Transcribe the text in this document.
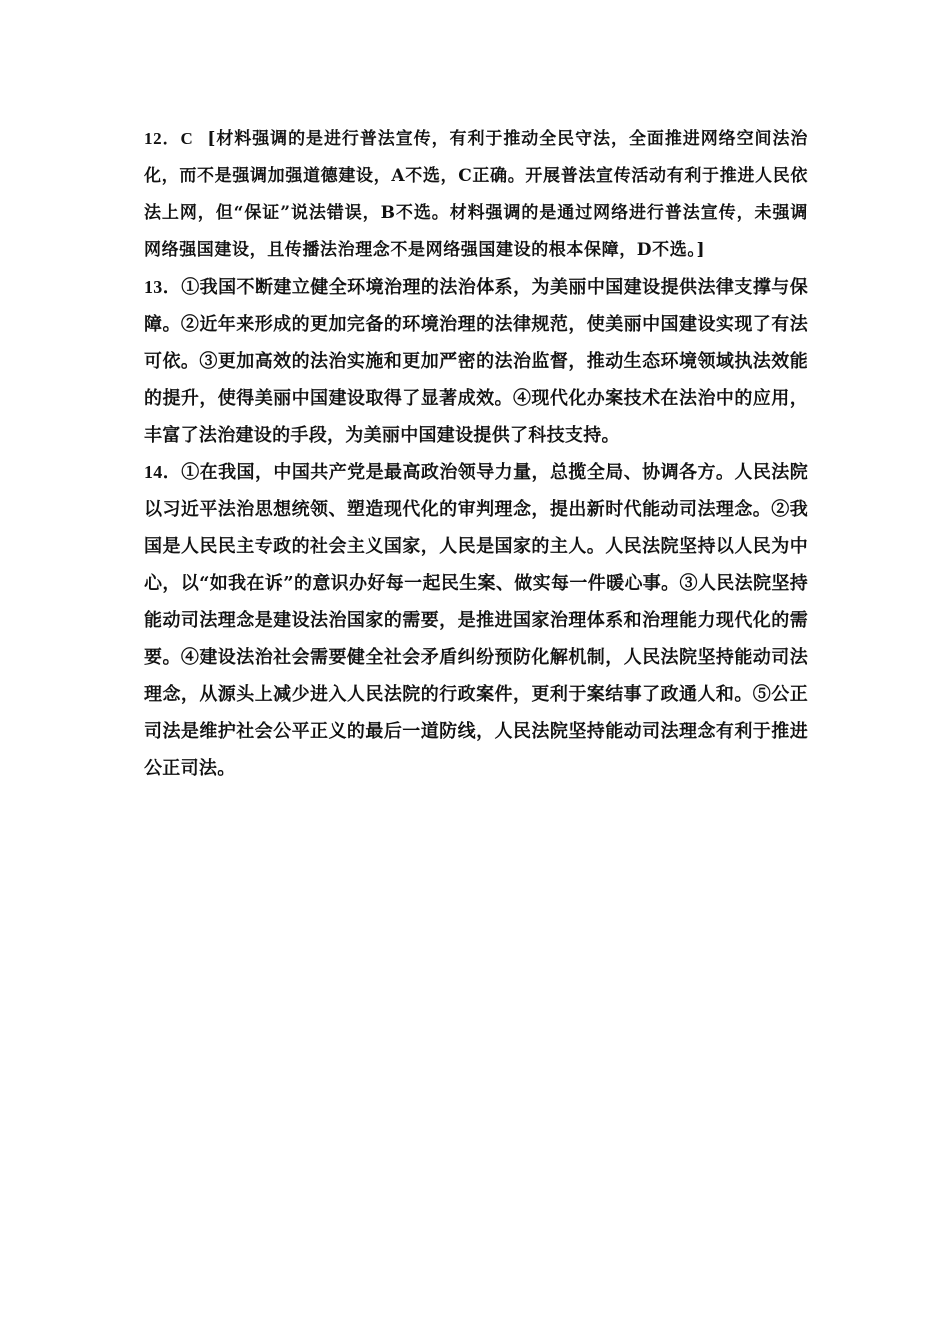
12．C [材料强调的是进行普法宣传，有利于推动全民守法，全面推进网络空间法治化，而不是强调加强道德建设，A不选，C正确。开展普法宣传活动有利于推进人民依法上网，但“保证”说法错误，B不选。材料强调的是通过网络进行普法宣传，未强调网络强国建设，且传播法治理念不是网络强国建设的根本保障，D不选。]

13．①我国不断建立健全环境治理的法治体系，为美丽中国建设提供法律支撑与保障。②近年来形成的更加完备的环境治理的法律规范，使美丽中国建设实现了有法可依。③更加高效的法治实施和更加严密的法治监督，推动生态环境领域执法效能的提升，使得美丽中国建设取得了显著成效。④现代化办案技术在法治中的应用，丰富了法治建设的手段，为美丽中国建设提供了科技支持。

14．①在我国，中国共产党是最高政治领导力量，总揽全局、协调各方。人民法院以习近平法治思想统领、塑造现代化的审判理念，提出新时代能动司法理念。②我国是人民民主专政的社会主义国家，人民是国家的主人。人民法院坚持以人民为中心，以“如我在诉”的意识办好每一起民生案、做实每一件暖心事。③人民法院坚持能动司法理念是建设法治国家的需要，是推进国家治理体系和治理能力现代化的需要。④建设法治社会需要健全社会矛盾纠纷预防化解机制，人民法院坚持能动司法理念，从源头上减少进入人民法院的行政案件，更利于案结事了政通人和。⑤公正司法是维护社会公平正义的最后一道防线，人民法院坚持能动司法理念有利于推进公正司法。
